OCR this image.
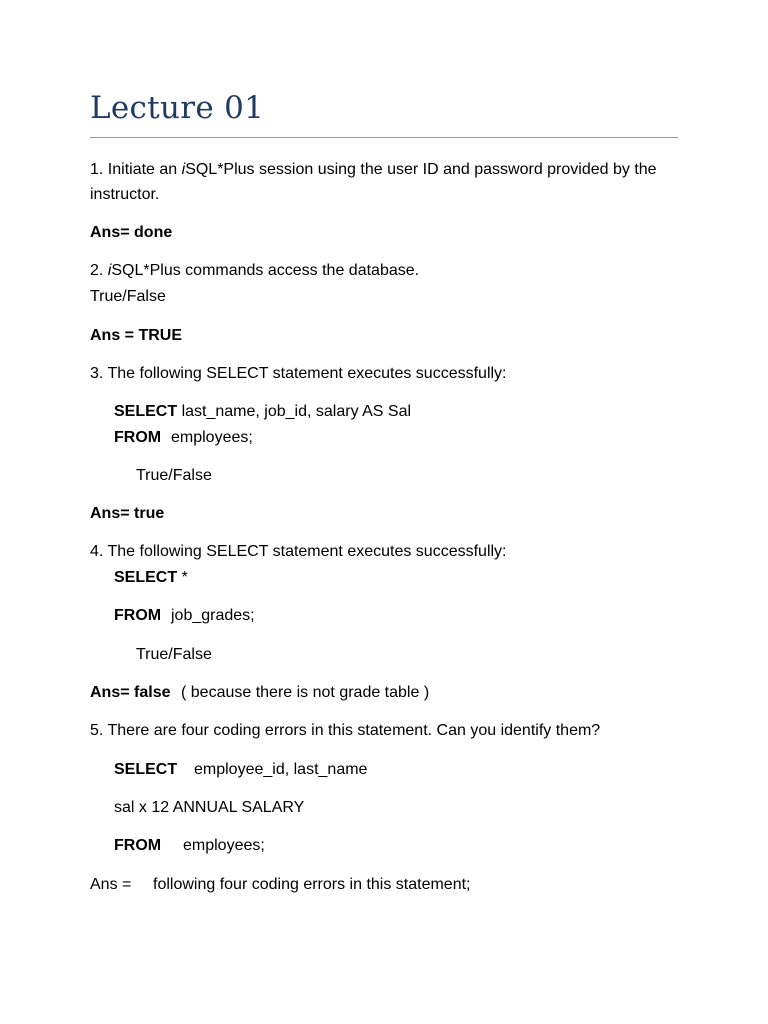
Lecture 01
1. Initiate an iSQL*Plus session using the user ID and password provided by the
instructor.
Ans= done
2. iSQL*Plus commands access the database.
True/False
Ans = TRUE
3. The following SELECT statement executes successfully:
SELECT last_name, job_id, salary AS Sal
FROM employees;
True/False
Ans= true
4. The following SELECT statement executes successfully:
SELECT *
FROM job_grades;
True/False
Ans= false ( because there is not grade table )
5. There are four coding errors in this statement. Can you identify them?
SELECT employee_id, last_name
sal x 12 ANNUAL SALARY
FROM employees;
Ans = following four coding errors in this statement;
